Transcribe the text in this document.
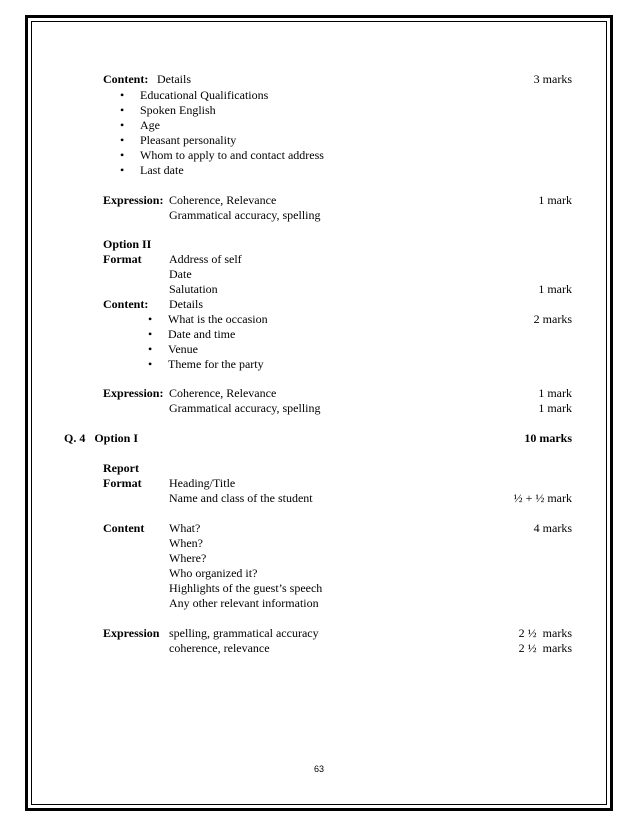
Content: Details	3 marks
• Educational Qualifications
• Spoken English
• Age
• Pleasant personality
• Whom to apply to and contact address
• Last date
Expression: Coherence, Relevance	1 mark
Grammatical accuracy, spelling
Option II
Format Address of self
Date
Salutation	1 mark
Content: Details
• What is the occasion	2 marks
• Date and time
• Venue
• Theme for the party
Expression: Coherence, Relevance	1 mark
Grammatical accuracy, spelling	1 mark
Q. 4   Option I	10 marks
Report
Format Heading/Title
Name and class of the student	½ + ½ mark
Content What?	4 marks
When?
Where?
Who organized it?
Highlights of the guest’s speech
Any other relevant information
Expression spelling, grammatical accuracy	2 ½  marks
coherence, relevance	2 ½  marks
63
